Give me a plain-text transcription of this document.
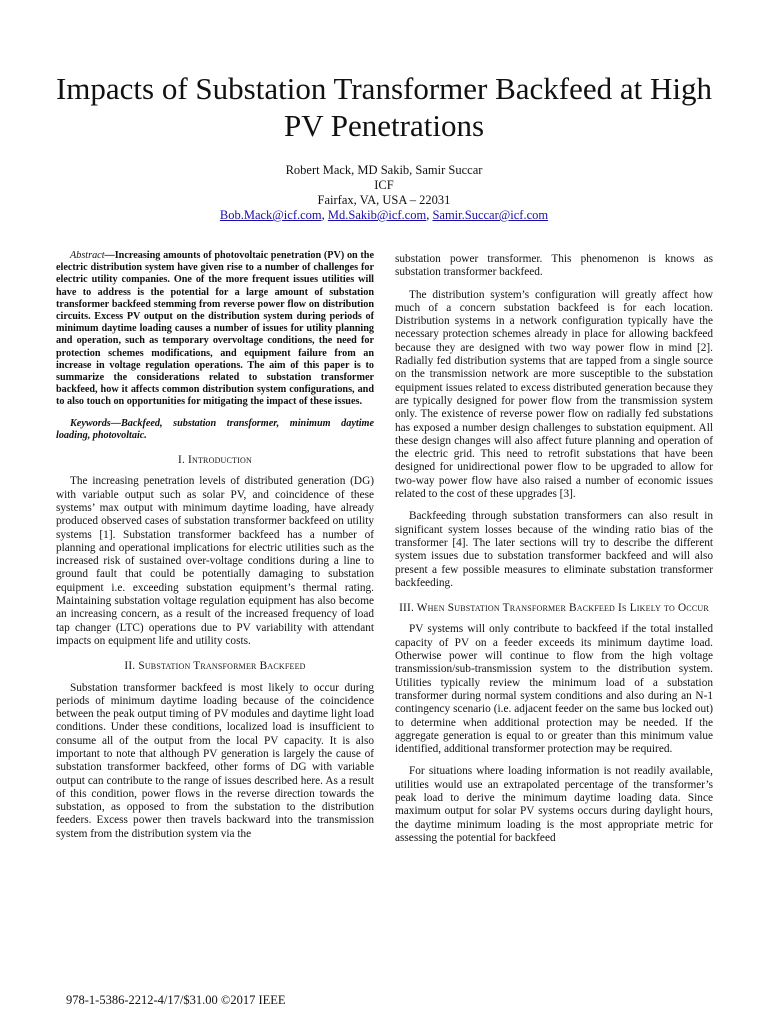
Impacts of Substation Transformer Backfeed at High PV Penetrations
Robert Mack, MD Sakib, Samir Succar
ICF
Fairfax, VA, USA – 22031
Bob.Mack@icf.com, Md.Sakib@icf.com, Samir.Succar@icf.com

Abstract—Increasing amounts of photovoltaic penetration (PV) on the electric distribution system have given rise to a number of challenges for electric utility companies. One of the more frequent issues utilities will have to address is the potential for a large amount of substation transformer backfeed stemming from reverse power flow on distribution circuits. Excess PV output on the distribution system during periods of minimum daytime loading causes a number of issues for utility planning and operation, such as temporary overvoltage conditions, the need for protection schemes modifications, and equipment failure from an increase in voltage regulation operations. The aim of this paper is to summarize the considerations related to substation transformer backfeed, how it affects common distribution system configurations, and to also touch on opportunities for mitigating the impact of these issues.

Keywords—Backfeed, substation transformer, minimum daytime loading, photovoltaic.

I. Introduction

The increasing penetration levels of distributed generation (DG) with variable output such as solar PV, and coincidence of these systems’ max output with minimum daytime loading, have already produced observed cases of substation transformer backfeed on utility systems [1]. Substation transformer backfeed has a number of planning and operational implications for electric utilities such as the increased risk of sustained over-voltage conditions during a line to ground fault that could be potentially damaging to substation equipment i.e. exceeding substation equipment’s thermal rating. Maintaining substation voltage regulation equipment has also become an increasing concern, as a result of the increased frequency of load tap changer (LTC) operations due to PV variability with attendant impacts on equipment life and utility costs.

II. Substation Transformer Backfeed

Substation transformer backfeed is most likely to occur during periods of minimum daytime loading because of the coincidence between the peak output timing of PV modules and daytime light load conditions. Under these conditions, localized load is insufficient to consume all of the output from the local PV capacity. It is also important to note that although PV generation is largely the cause of substation transformer backfeed, other forms of DG with variable output can contribute to the range of issues described here. As a result of this condition, power flows in the reverse direction towards the substation, as opposed to from the substation to the distribution feeders. Excess power then travels backward into the transmission system from the distribution system via the

substation power transformer. This phenomenon is knows as substation transformer backfeed.

The distribution system’s configuration will greatly affect how much of a concern substation backfeed is for each location. Distribution systems in a network configuration typically have the necessary protection schemes already in place for allowing backfeed because they are designed with two way power flow in mind [2]. Radially fed distribution systems that are tapped from a single source on the transmission network are more susceptible to the substation equipment issues related to excess distributed generation because they are typically designed for power flow from the transmission system only. The existence of reverse power flow on radially fed substations has exposed a number design challenges to substation equipment. All these design changes will also affect future planning and operation of the electric grid. This need to retrofit substations that have been designed for unidirectional power flow to be upgraded to allow for two-way power flow have also raised a number of economic issues related to the cost of these upgrades [3].

Backfeeding through substation transformers can also result in significant system losses because of the winding ratio bias of the transformer [4]. The later sections will try to describe the different system issues due to substation transformer backfeed and will also present a few possible measures to eliminate substation transformer backfeeding.

III. When Substation Transformer Backfeed Is Likely to Occur

PV systems will only contribute to backfeed if the total installed capacity of PV on a feeder exceeds its minimum daytime load. Otherwise power will continue to flow from the high voltage transmission/sub-transmission system to the distribution system. Utilities typically review the minimum load of a substation transformer during normal system conditions and also during an N-1 contingency scenario (i.e. adjacent feeder on the same bus locked out) to determine when additional protection may be needed. If the aggregate generation is equal to or greater than this minimum value identified, additional transformer protection may be required.

For situations where loading information is not readily available, utilities would use an extrapolated percentage of the transformer’s peak load to derive the minimum daytime loading data. Since maximum output for solar PV systems occurs during daylight hours, the daytime minimum loading is the most appropriate metric for assessing the potential for backfeed

978-1-5386-2212-4/17/$31.00 ©2017 IEEE
